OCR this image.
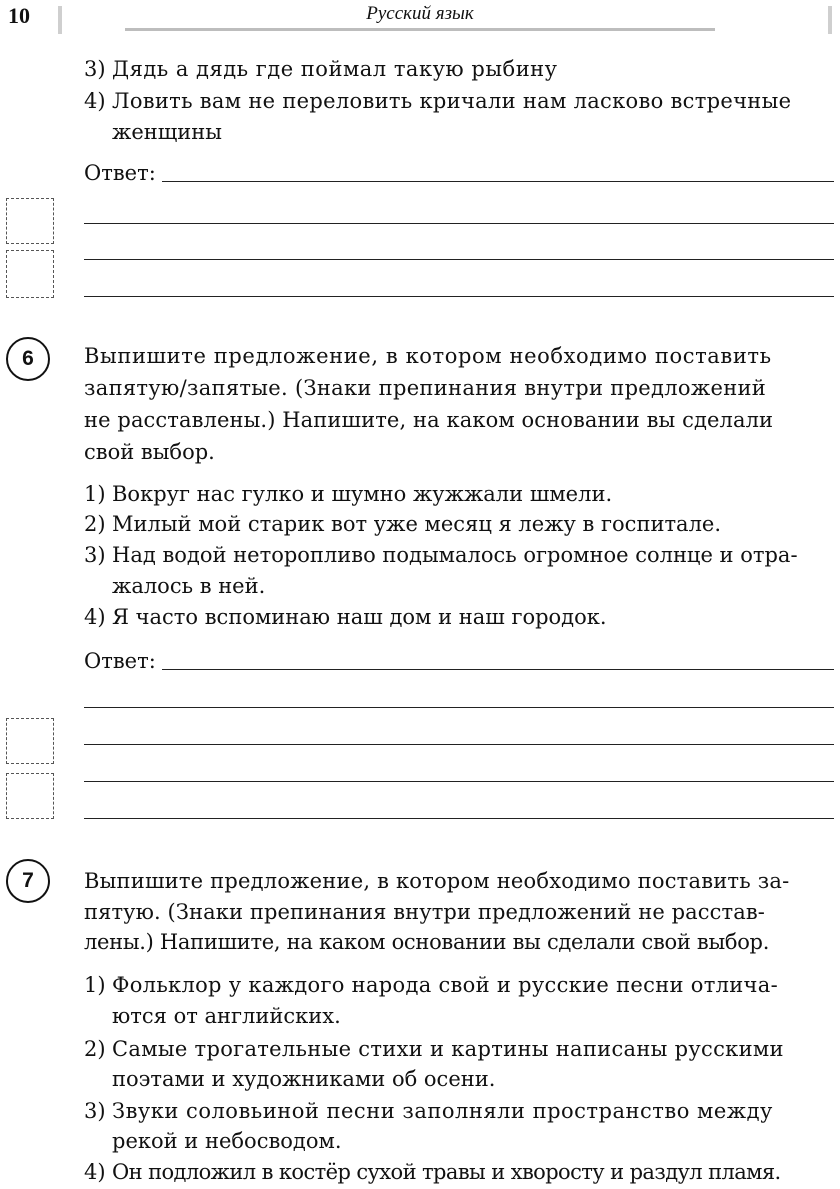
10	Русский язык
3) Дядь а дядь где поймал такую рыбину
4) Ловить вам не переловить кричали нам ласково встречные
женщины
Ответ:
6	Выпишите предложение, в котором необходимо поставить
запятую/запятые. (Знаки препинания внутри предложений
не расставлены.) Напишите, на каком основании вы сделали
свой выбор.
1) Вокруг нас гулко и шумно жужжали шмели.
2) Милый мой старик вот уже месяц я лежу в госпитале.
3) Над водой неторопливо подымалось огромное солнце и отра-
жалось в ней.
4) Я часто вспоминаю наш дом и наш городок.
Ответ:
7	Выпишите предложение, в котором необходимо поставить за-
пятую. (Знаки препинания внутри предложений не расстав-
лены.) Напишите, на каком основании вы сделали свой выбор.
1) Фольклор у каждого народа свой и русские песни отлича-
ются от английских.
2) Самые трогательные стихи и картины написаны русскими
поэтами и художниками об осени.
3) Звуки соловьиной песни заполняли пространство между
рекой и небосводом.
4) Он подложил в костёр сухой травы и хворосту и раздул пламя.
